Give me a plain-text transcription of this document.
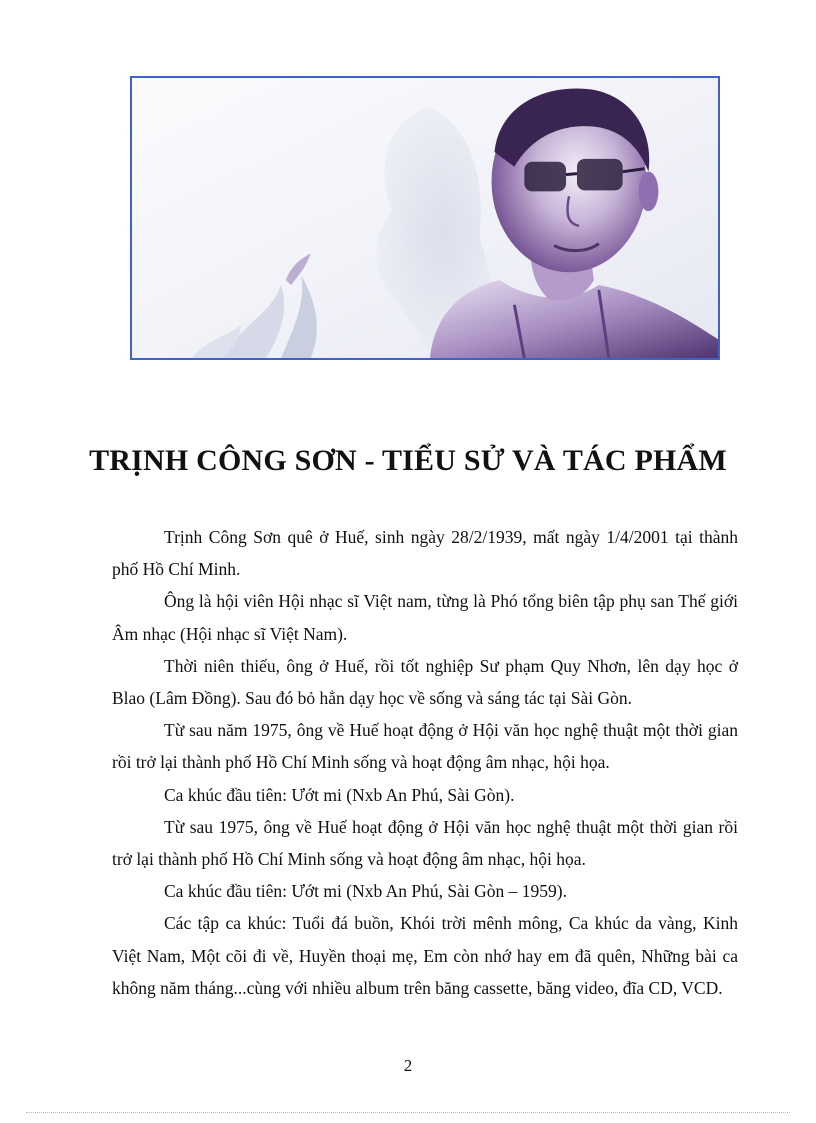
TRỊNH CÔNG SƠN - TIỂU SỬ VÀ TÁC PHẨM

Trịnh Công Sơn quê ở Huế, sinh ngày 28/2/1939, mất ngày 1/4/2001 tại thành phố Hồ Chí Minh.

Ông là hội viên Hội nhạc sĩ Việt nam, từng là Phó tổng biên tập phụ san Thế giới Âm nhạc (Hội nhạc sĩ Việt Nam).

Thời niên thiếu, ông ở Huế, rồi tốt nghiệp Sư phạm Quy Nhơn, lên dạy học ở Blao (Lâm Đồng). Sau đó bỏ hẳn dạy học về sống và sáng tác tại Sài Gòn.

Từ sau năm 1975, ông về Huế hoạt động ở Hội văn học nghệ thuật một thời gian rồi trở lại thành phố Hồ Chí Minh sống và hoạt động âm nhạc, hội họa.

Ca khúc đầu tiên: Ướt mi (Nxb An Phú, Sài Gòn).

Từ sau 1975, ông về Huế hoạt động ở Hội văn học nghệ thuật một thời gian rồi trở lại thành phố Hồ Chí Minh sống và hoạt động âm nhạc, hội họa.

Ca khúc đầu tiên: Ướt mi (Nxb An Phú, Sài Gòn – 1959).

Các tập ca khúc: Tuổi đá buồn, Khói trời mênh mông, Ca khúc da vàng, Kinh Việt Nam, Một cõi đi về, Huyền thoại mẹ, Em còn nhớ hay em đã quên, Những bài ca không năm tháng...cùng với nhiều album trên băng cassette, băng video, đĩa CD, VCD.

2
